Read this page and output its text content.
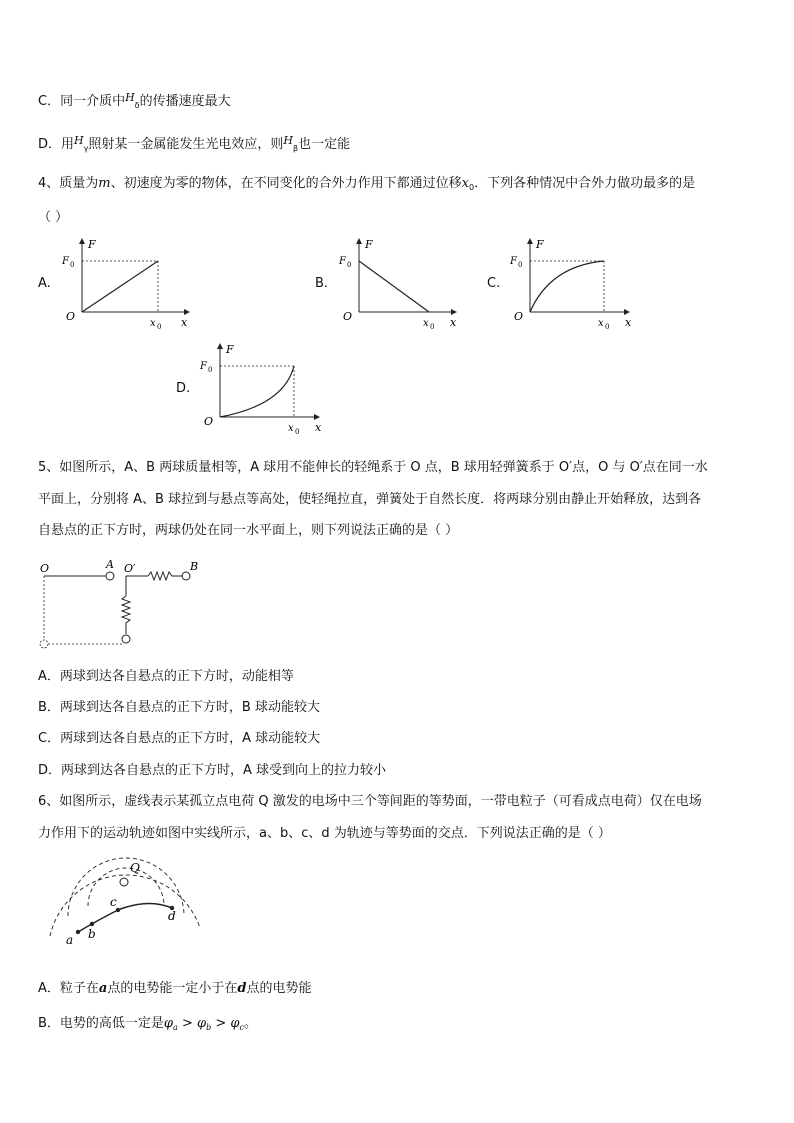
C．同一介质中$^H_\delta$的传播速度最大
D．用$^H_\gamma$照射某一金属能发生光电效应，则$^H_\beta$也一定能
4、质量为m、初速度为零的物体，在不同变化的合外力作用下都通过位移$x_0$．下列各种情况中合外力做功最多的是
（ ）
A.	B.	C.
D.
F
F 0
O
x 0 x
F
F 0
O
x 0 x
F
F 0
O
x 0 x
F
F 0
O
x 0 x
5、如图所示，A、B 两球质量相等，A 球用不能伸长的轻绳系于 O 点，B 球用轻弹簧系于 O′点，O 与 O′点在同一水
平面上，分别将 A、B 球拉到与悬点等高处，使轻绳拉直，弹簧处于自然长度．将两球分别由静止开始释放，达到各
自悬点的正下方时，两球仍处在同一水平面上，则下列说法正确的是（ ）
O	A O′	B
A．两球到达各自悬点的正下方时，动能相等
B．两球到达各自悬点的正下方时，B 球动能较大
C．两球到达各自悬点的正下方时，A 球动能较大
D．两球到达各自悬点的正下方时，A 球受到向上的拉力较小
6、如图所示，虚线表示某孤立点电荷 Q 激发的电场中三个等间距的等势面，一带电粒子（可看成点电荷）仅在电场
力作用下的运动轨迹如图中实线所示，a、b、c、d 为轨迹与等势面的交点．下列说法正确的是（ ）
Q
a b
c
d
A．粒子在a点的电势能一定小于在d点的电势能
B．电势的高低一定是$\varphi_a > \varphi_b > \varphi_c$。
